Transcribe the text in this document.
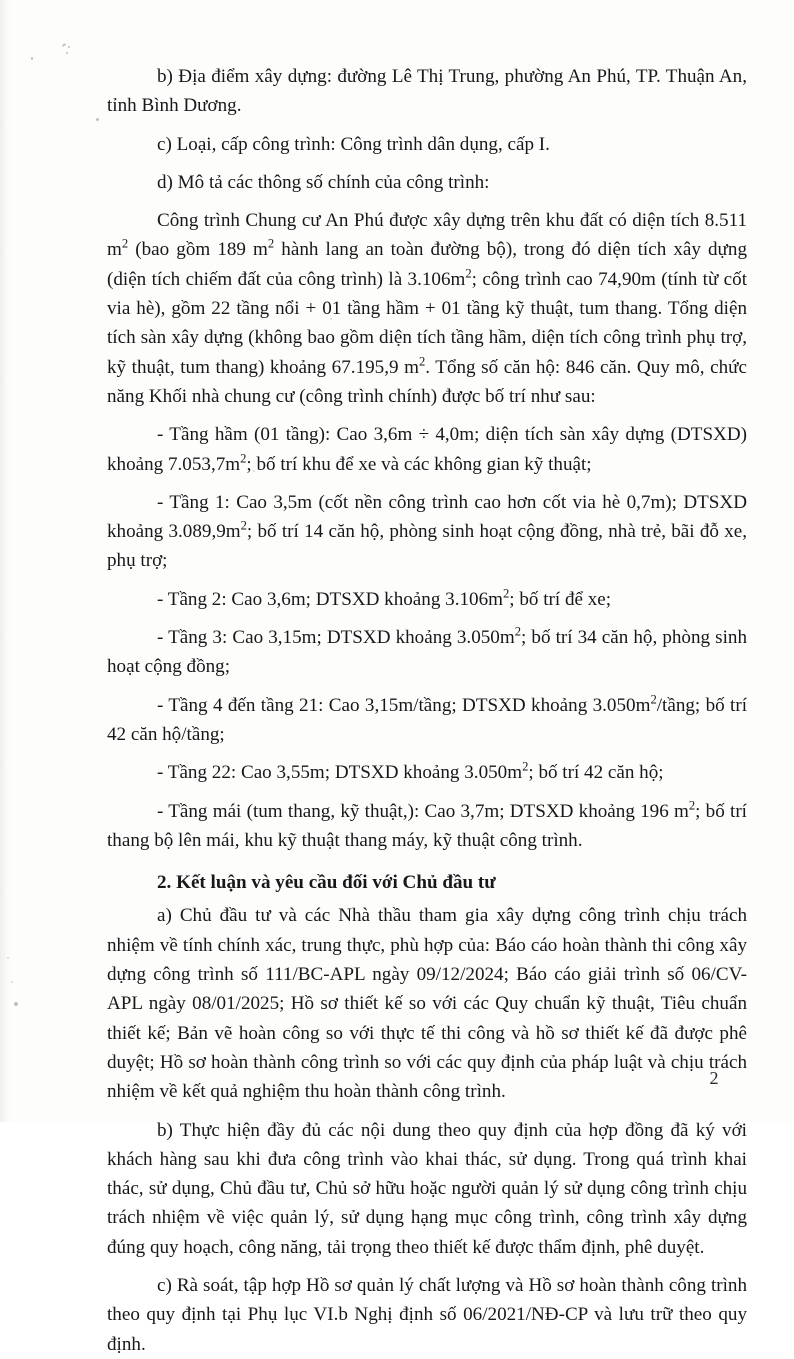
b) Địa điểm xây dựng: đường Lê Thị Trung, phường An Phú, TP. Thuận An, tỉnh Bình Dương.

c) Loại, cấp công trình: Công trình dân dụng, cấp I.

d) Mô tả các thông số chính của công trình:

Công trình Chung cư An Phú được xây dựng trên khu đất có diện tích 8.511 $m^2$ (bao gồm 189 $m^2$ hành lang an toàn đường bộ), trong đó diện tích xây dựng (diện tích chiếm đất của công trình) là $3.106m^2$; công trình cao 74,90m (tính từ cốt via hè), gồm 22 tầng nổi + 01 tầng hầm + 01 tầng kỹ thuật, tum thang. Tổng diện tích sàn xây dựng (không bao gồm diện tích tầng hầm, diện tích công trình phụ trợ, kỹ thuật, tum thang) khoảng 67.195,9 $m^2$. Tổng số căn hộ: 846 căn. Quy mô, chức năng Khối nhà chung cư (công trình chính) được bố trí như sau:

- Tầng hầm (01 tầng): Cao 3,6m ÷ 4,0m; diện tích sàn xây dựng (DTSXD) khoảng $7.053,7m^2$; bố trí khu để xe và các không gian kỹ thuật;

- Tầng 1: Cao 3,5m (cốt nền công trình cao hơn cốt via hè 0,7m); DTSXD khoảng $3.089,9m^2$; bố trí 14 căn hộ, phòng sinh hoạt cộng đồng, nhà trẻ, bãi đỗ xe, phụ trợ;

- Tầng 2: Cao 3,6m; DTSXD khoảng $3.106m^2$; bố trí để xe;

- Tầng 3: Cao 3,15m; DTSXD khoảng $3.050m^2$; bố trí 34 căn hộ, phòng sinh hoạt cộng đồng;

- Tầng 4 đến tầng 21: Cao 3,15m/tầng; DTSXD khoảng $3.050m^2$/tầng; bố trí 42 căn hộ/tầng;

- Tầng 22: Cao 3,55m; DTSXD khoảng $3.050m^2$; bố trí 42 căn hộ;

- Tầng mái (tum thang, kỹ thuật,): Cao 3,7m; DTSXD khoảng 196 $m^2$; bố trí thang bộ lên mái, khu kỹ thuật thang máy, kỹ thuật công trình.

2. Kết luận và yêu cầu đối với Chủ đầu tư

a) Chủ đầu tư và các Nhà thầu tham gia xây dựng công trình chịu trách nhiệm về tính chính xác, trung thực, phù hợp của: Báo cáo hoàn thành thi công xây dựng công trình số 111/BC-APL ngày 09/12/2024; Báo cáo giải trình số 06/CV-APL ngày 08/01/2025; Hồ sơ thiết kế so với các Quy chuẩn kỹ thuật, Tiêu chuẩn thiết kế; Bản vẽ hoàn công so với thực tế thi công và hồ sơ thiết kế đã được phê duyệt; Hồ sơ hoàn thành công trình so với các quy định của pháp luật và chịu trách nhiệm về kết quả nghiệm thu hoàn thành công trình.

b) Thực hiện đầy đủ các nội dung theo quy định của hợp đồng đã ký với khách hàng sau khi đưa công trình vào khai thác, sử dụng. Trong quá trình khai thác, sử dụng, Chủ đầu tư, Chủ sở hữu hoặc người quản lý sử dụng công trình chịu trách nhiệm về việc quản lý, sử dụng hạng mục công trình, công trình xây dựng đúng quy hoạch, công năng, tải trọng theo thiết kế được thẩm định, phê duyệt.

c) Rà soát, tập hợp Hồ sơ quản lý chất lượng và Hồ sơ hoàn thành công trình theo quy định tại Phụ lục VI.b Nghị định số 06/2021/NĐ-CP và lưu trữ theo quy định.

2
